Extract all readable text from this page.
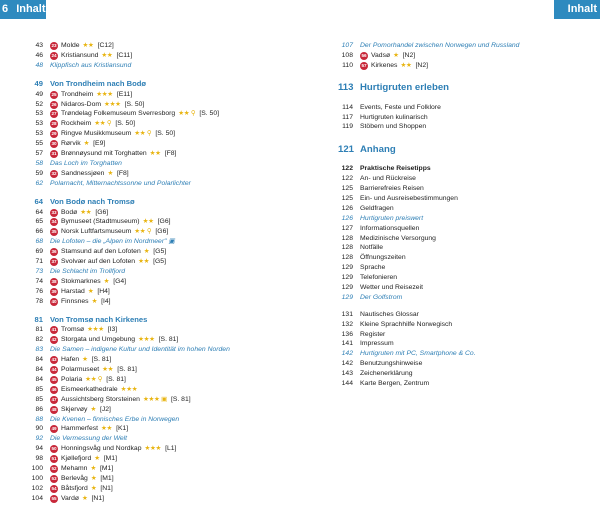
6 Inhalt	Inhalt 7
43	23 Molde ★★ [C12]
46	24 Kristiansund ★★ [C11]
48	Klippfisch aus Kristiansund
49 Von Trondheim nach Bodø
49	25 Trondheim ★★★ [E11]
52	26 Nidaros-Dom ★★★ [S. 50]
53	27 Trøndelag Folkemuseum Sverresborg ★★ ⚲ [S. 50]
53	28 Rockheim ★★ ⚲ [S. 50]
53	29 Ringve Musikkmuseum ★★ ⚲ [S. 50]
55	30 Rørvik ★ [E9]
57	31 Brønnøysund mit Torghatten ★★ [F8]
58	Das Loch im Torghatten
59	32 Sandnessjøen ★ [F8]
62	Polarnacht, Mitternachtssonne und Polarlichter
64 Von Bodø nach Tromsø
64	33 Bodø ★★ [G6]
65	34 Bymuseet (Stadtmuseum) ★★ [G6]
66	35 Norsk Luftfartsmuseum ★★ ⚲ [G6]
68	Die Lofoten – die „Alpen im Nordmeer" ▣
69	36 Stamsund auf den Lofoten ★ [G5]
71	37 Svolvær auf den Lofoten ★★ [G5]
73	Die Schlacht im Trollfjord
74	38 Stokmarknes ★ [G4]
76	39 Harstad ★ [H4]
78	40 Finnsnes ★ [I4]
81 Von Tromsø nach Kirkenes
81	41 Tromsø ★★★ [I3]
82	42 Storgata und Umgebung ★★★ [S. 81]
83	Die Samen – indigene Kultur und Identität im hohen Norden
84	43 Hafen ★ [S. 81]
84	44 Polarmuseet ★★ [S. 81]
84	45 Polaria ★★ ⚲ [S. 81]
85	46 Eismeerkathedrale ★★★
85	47 Aussichtsberg Storsteinen ★★★ ▣ [S. 81]
86	48 Skjervøy ★ [J2]
88	Die Kvenen – finnisches Erbe in Norwegen
90	49 Hammerfest ★★ [K1]
92	Die Vermessung der Welt
94	50 Honningsvåg und Nordkap ★★★ [L1]
98	51 Kjøllefjord ★ [M1]
100	52 Mehamn ★ [M1]
100	53 Berlevåg ★ [M1]
102	54 Båtsfjord ★ [N1]
104	55 Vardø ★ [N1]
107	Der Pomorhandel zwischen Norwegen und Russland
108	56 Vadsø ★ [N2]
110	57 Kirkenes ★★ [N2]
113 Hurtigruten erleben
114	Events, Feste und Folklore
117	Hurtigruten kulinarisch
119	Stöbern und Shoppen
121 Anhang
122	Praktische Reisetipps
122	An- und Rückreise
125	Barrierefreies Reisen
125	Ein- und Ausreisebestimmungen
126	Geldfragen
126	Hurtigruten preiswert
127	Informationsquellen
128	Medizinische Versorgung
128	Notfälle
128	Öffnungszeiten
129	Sprache
129	Telefonieren
129	Wetter und Reisezeit
129	Der Golfstrom
131	Nautisches Glossar
132	Kleine Sprachhilfe Norwegisch
136	Register
141	Impressum
142	Hurtigruten mit PC, Smartphone & Co.
142	Benutzungshinweise
143	Zeichenerklärung
144	Karte Bergen, Zentrum
